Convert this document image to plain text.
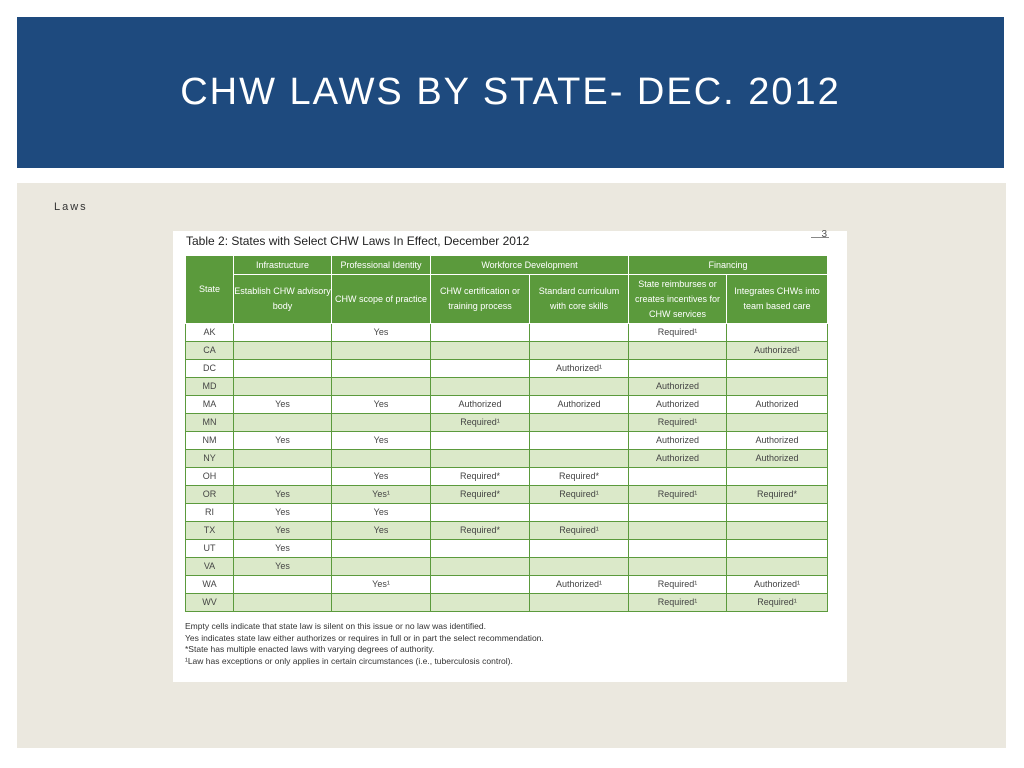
CHW LAWS BY STATE- DEC. 2012
Laws
Table 2: States with Select CHW Laws In Effect, December 2012	3
State	Infrastructure	Professional Identity	Workforce Development		Financing	
	Establish CHW advisory body	CHW scope of practice	CHW certification or training process	Standard curriculum with core skills	State reimburses or creates incentives for CHW services	Integrates CHWs into team based care
AK		Yes			Required¹	
CA						Authorized¹
DC				Authorized¹		
MD					Authorized	
MA	Yes	Yes	Authorized	Authorized	Authorized	Authorized
MN			Required¹		Required¹	
NM	Yes	Yes			Authorized	Authorized
NY					Authorized	Authorized
OH		Yes	Required*	Required*		
OR	Yes	Yes¹	Required*	Required¹	Required¹	Required*
RI	Yes	Yes				
TX	Yes	Yes	Required*	Required¹		
UT	Yes					
VA	Yes					
WA		Yes¹		Authorized¹	Required¹	Authorized¹
WV					Required¹	Required¹
Empty cells indicate that state law is silent on this issue or no law was identified.
Yes indicates state law either authorizes or requires in full or in part the select recommendation.
*State has multiple enacted laws with varying degrees of authority.
¹Law has exceptions or only applies in certain circumstances (i.e., tuberculosis control).
